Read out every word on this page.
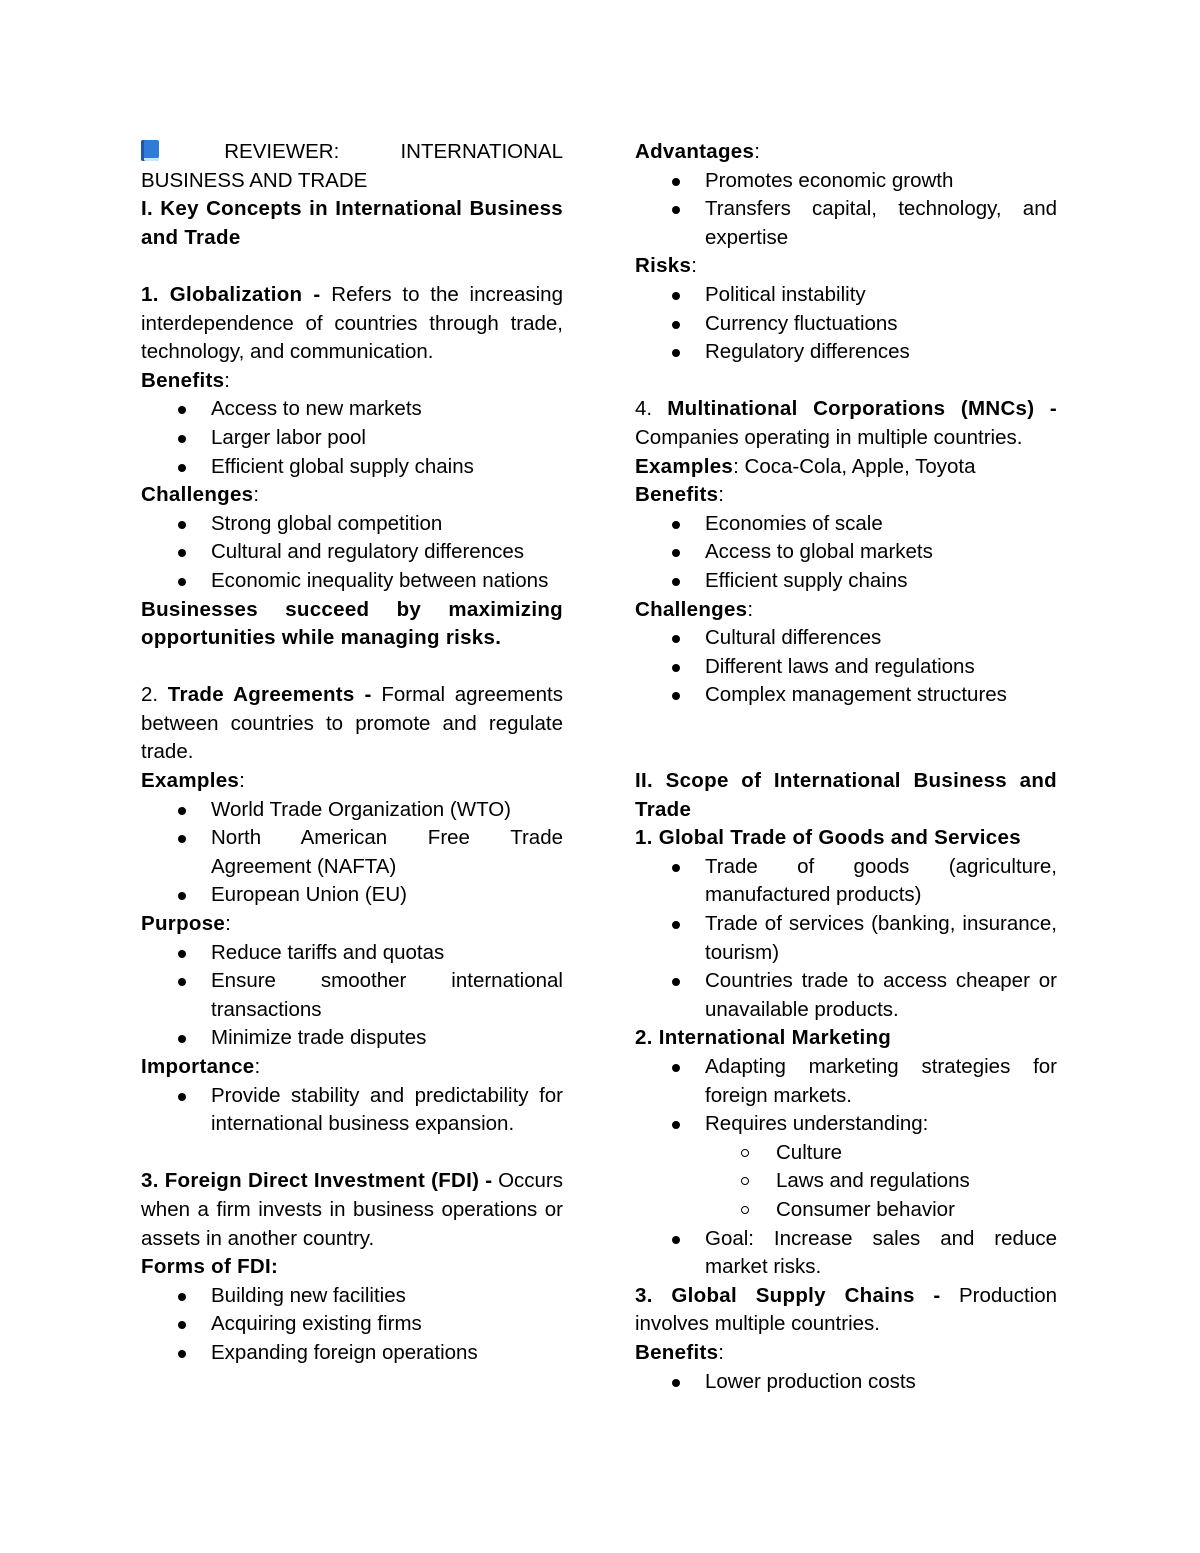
REVIEWER:	INTERNATIONAL

BUSINESS AND TRADE

I. Key Concepts in International Business and Trade

1. Globalization - Refers to the increasing interdependence of countries through trade, technology, and communication.

Benefits:

Access to new markets
Larger labor pool
Efficient global supply chains

Challenges:

Strong global competition
Cultural and regulatory differences
Economic inequality between nations

Businesses succeed by maximizing opportunities while managing risks.

2. Trade Agreements - Formal agreements between countries to promote and regulate trade.

Examples:

World Trade Organization (WTO)
North American Free Trade Agreement (NAFTA)
European Union (EU)

Purpose:

Reduce tariffs and quotas
Ensure smoother international transactions
Minimize trade disputes

Importance:

Provide stability and predictability for international business expansion.

3. Foreign Direct Investment (FDI) - Occurs when a firm invests in business operations or assets in another country.

Forms of FDI:

Building new facilities
Acquiring existing firms
Expanding foreign operations

Advantages:

Promotes economic growth
Transfers capital, technology, and expertise

Risks:

Political instability
Currency fluctuations
Regulatory differences

4. Multinational Corporations (MNCs) - Companies operating in multiple countries.

Examples: Coca-Cola, Apple, Toyota

Benefits:

Economies of scale
Access to global markets
Efficient supply chains

Challenges:

Cultural differences
Different laws and regulations
Complex management structures

II. Scope of International Business and Trade

1. Global Trade of Goods and Services

Trade of goods (agriculture, manufactured products)
Trade of services (banking, insurance, tourism)
Countries trade to access cheaper or unavailable products.

2. International Marketing

Adapting marketing strategies for foreign markets.
Requires understanding:
Culture
Laws and regulations
Consumer behavior
Goal: Increase sales and reduce market risks.

3. Global Supply Chains - Production involves multiple countries.

Benefits:

Lower production costs
